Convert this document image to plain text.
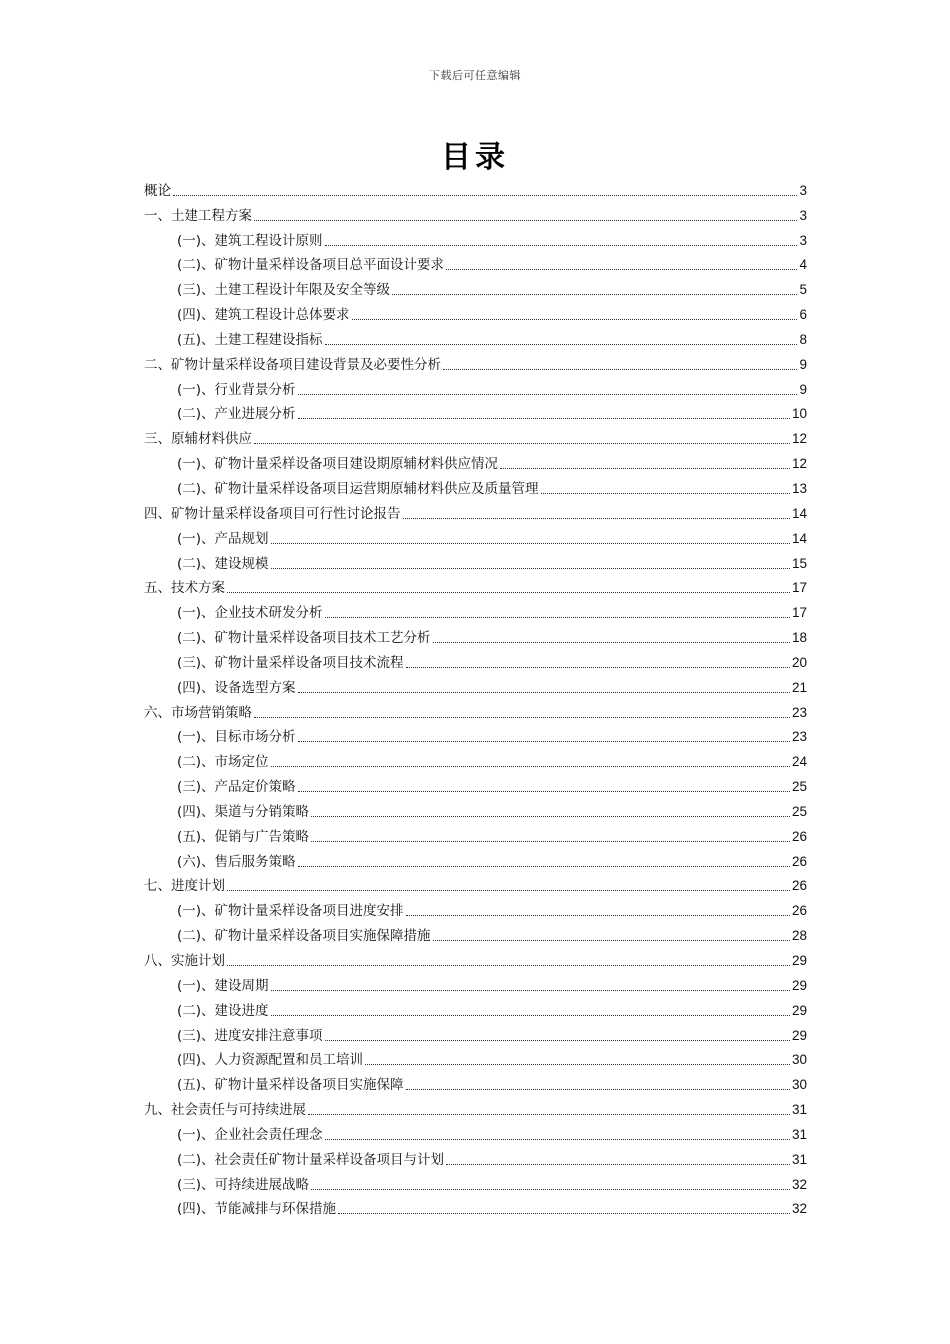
下载后可任意编辑
目录
概论	3
一、土建工程方案	3
(一)、建筑工程设计原则	3
(二)、矿物计量采样设备项目总平面设计要求	4
(三)、土建工程设计年限及安全等级	5
(四)、建筑工程设计总体要求	6
(五)、土建工程建设指标	8
二、矿物计量采样设备项目建设背景及必要性分析	9
(一)、行业背景分析	9
(二)、产业进展分析	10
三、原辅材料供应	12
(一)、矿物计量采样设备项目建设期原辅材料供应情况	12
(二)、矿物计量采样设备项目运营期原辅材料供应及质量管理	13
四、矿物计量采样设备项目可行性讨论报告	14
(一)、产品规划	14
(二)、建设规模	15
五、技术方案	17
(一)、企业技术研发分析	17
(二)、矿物计量采样设备项目技术工艺分析	18
(三)、矿物计量采样设备项目技术流程	20
(四)、设备选型方案	21
六、市场营销策略	23
(一)、目标市场分析	23
(二)、市场定位	24
(三)、产品定价策略	25
(四)、渠道与分销策略	25
(五)、促销与广告策略	26
(六)、售后服务策略	26
七、进度计划	26
(一)、矿物计量采样设备项目进度安排	26
(二)、矿物计量采样设备项目实施保障措施	28
八、实施计划	29
(一)、建设周期	29
(二)、建设进度	29
(三)、进度安排注意事项	29
(四)、人力资源配置和员工培训	30
(五)、矿物计量采样设备项目实施保障	30
九、社会责任与可持续进展	31
(一)、企业社会责任理念	31
(二)、社会责任矿物计量采样设备项目与计划	31
(三)、可持续进展战略	32
(四)、节能减排与环保措施	32
